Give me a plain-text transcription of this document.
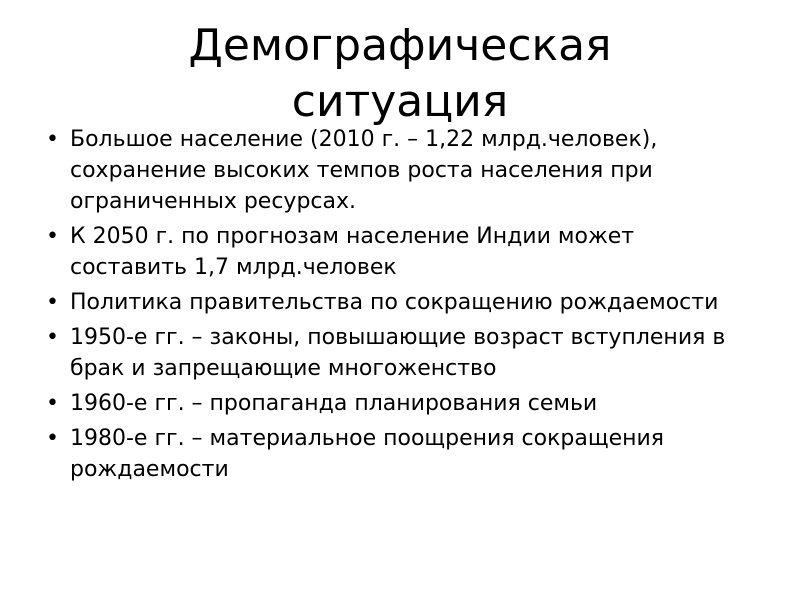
Демографическая
ситуация
• Большое население (2010 г. – 1,22 млрд.человек), сохранение высоких темпов роста населения при ограниченных ресурсах.
• К 2050 г. по прогнозам население Индии может составить 1,7 млрд.человек
• Политика правительства по сокращению рождаемости
• 1950-е гг. – законы, повышающие возраст вступления в брак и запрещающие многоженство
• 1960-е гг. – пропаганда планирования семьи
• 1980-е гг. – материальное поощрения сокращения рождаемости
